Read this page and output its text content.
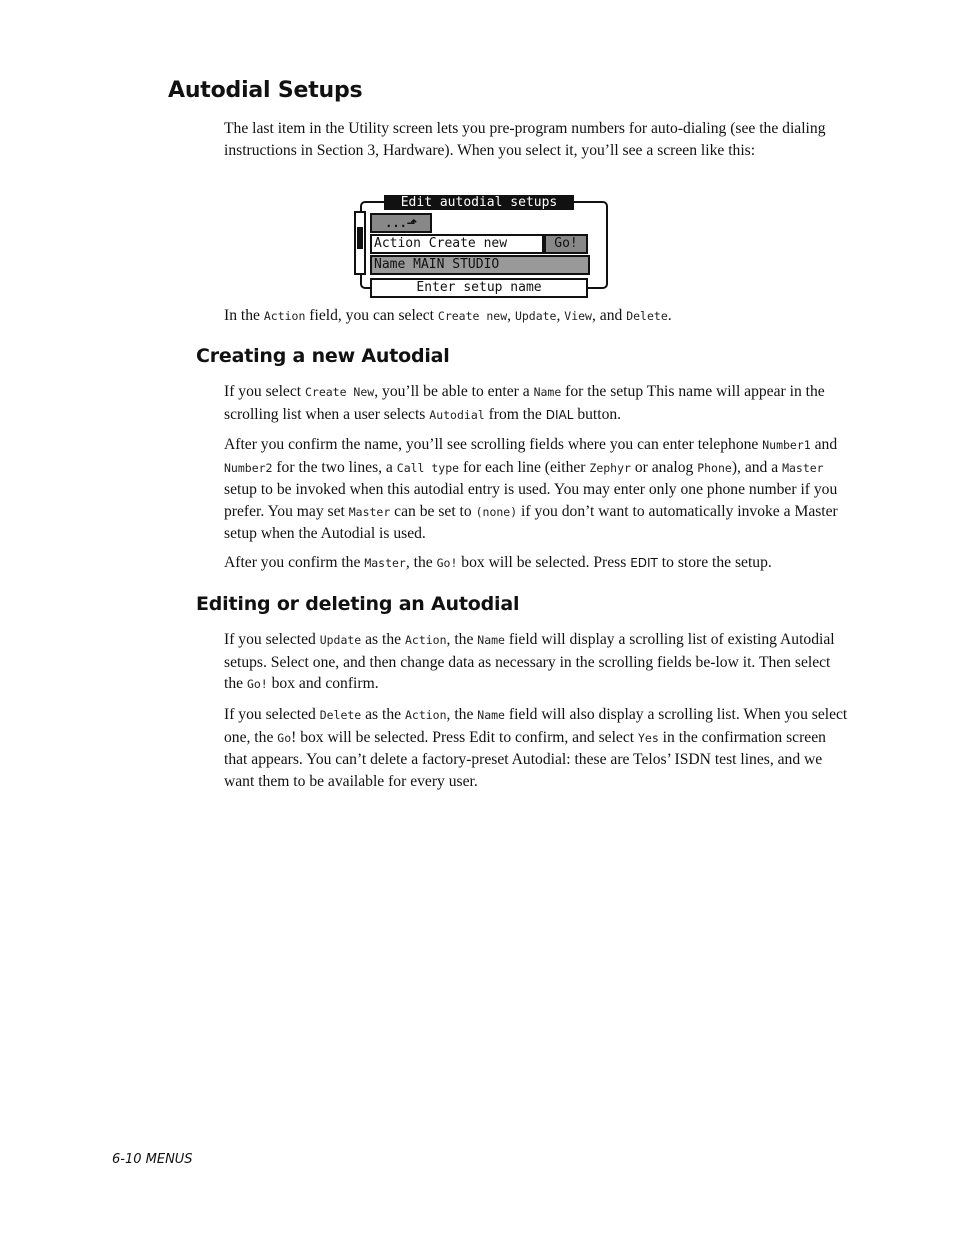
Autodial Setups

The last item in the Utility screen lets you pre-program numbers for auto-dialing (see the dialing instructions in Section 3, Hardware). When you select it, you’ll see a screen like this:

Edit autodial setups
...⬏
Action Create new	Go!
Name MAIN STUDIO
Enter setup name

In the Action field, you can select Create new, Update, View, and Delete.

Creating a new Autodial

If you select Create New, you’ll be able to enter a Name for the setup This name will appear in the scrolling list when a user selects Autodial from the DIAL button.

After you confirm the name, you’ll see scrolling fields where you can enter telephone Number1 and Number2 for the two lines, a Call type for each line (either Zephyr or analog Phone), and a Master setup to be invoked when this autodial entry is used. You may enter only one phone number if you prefer. You may set Master can be set to (none) if you don’t want to automatically invoke a Master setup when the Autodial is used.

After you confirm the Master, the Go! box will be selected. Press EDIT to store the setup.

Editing or deleting an Autodial

If you selected Update as the Action, the Name field will display a scrolling list of existing Autodial setups. Select one, and then change data as necessary in the scrolling fields be-low it. Then select the Go! box and confirm.

If you selected Delete as the Action, the Name field will also display a scrolling list. When you select one, the Go! box will be selected. Press Edit to confirm, and select Yes in the confirmation screen that appears. You can’t delete a factory-preset Autodial: these are Telos’ ISDN test lines, and we want them to be available for every user.

6-10 MENUS
